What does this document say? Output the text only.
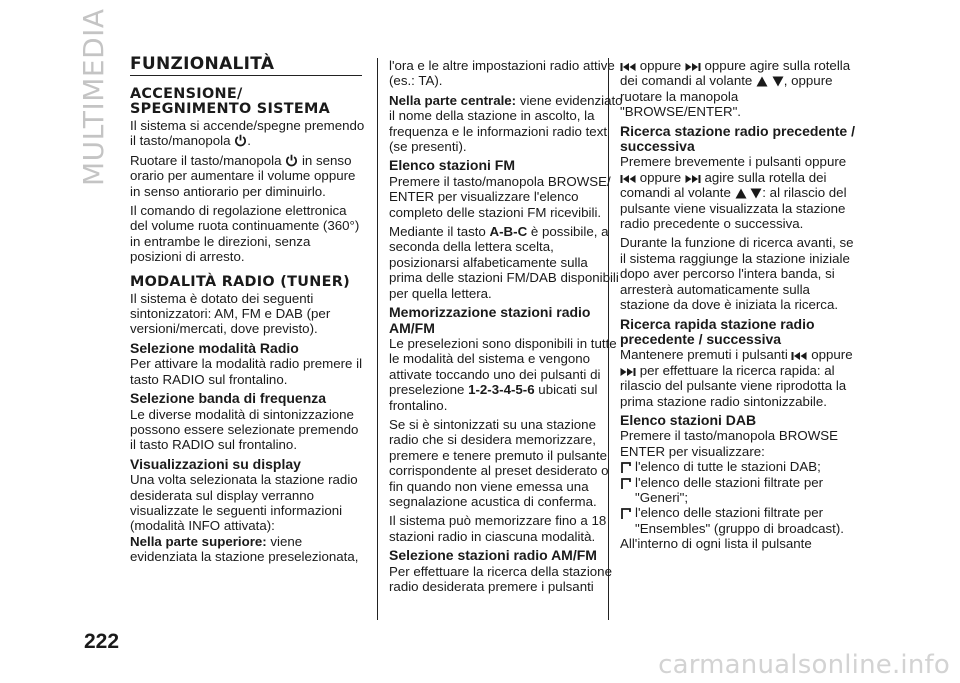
MULTIMEDIA
222
carmanualsonline.info
FUNZIONALITÀ
ACCENSIONE/ SPEGNIMENTO SISTEMA

Il sistema si accende/spegne premendo il tasto/manopola .

Ruotare il tasto/manopola in senso orario per aumentare il volume oppure in senso antiorario per diminuirlo.

Il comando di regolazione elettronica del volume ruota continuamente (360°) in entrambe le direzioni, senza posizioni di arresto.

MODALITÀ RADIO (TUNER)

Il sistema è dotato dei seguenti sintonizzatori: AM, FM e DAB (per versioni/mercati, dove previsto).

Selezione modalità Radio

Per attivare la modalità radio premere il tasto RADIO sul frontalino.

Selezione banda di frequenza

Le diverse modalità di sintonizzazione possono essere selezionate premendo il tasto RADIO sul frontalino.

Visualizzazioni su display

Una volta selezionata la stazione radio desiderata sul display verranno visualizzate le seguenti informazioni (modalità INFO attivata):

Nella parte superiore: viene evidenziata la stazione preselezionata,

l'ora e le altre impostazioni radio attive (es.: TA).

Nella parte centrale: viene evidenziato il nome della stazione in ascolto, la frequenza e le informazioni radio text (se presenti).

Elenco stazioni FM

Premere il tasto/manopola BROWSE/ ENTER per visualizzare l'elenco completo delle stazioni FM ricevibili.

Mediante il tasto A-B-C è possibile, a seconda della lettera scelta, posizionarsi alfabeticamente sulla prima delle stazioni FM/DAB disponibili per quella lettera.

Memorizzazione stazioni radio AM/FM

Le preselezioni sono disponibili in tutte le modalità del sistema e vengono attivate toccando uno dei pulsanti di preselezione 1-2-3-4-5-6 ubicati sul frontalino.

Se si è sintonizzati su una stazione radio che si desidera memorizzare, premere e tenere premuto il pulsante corrispondente al preset desiderato o fin quando non viene emessa una segnalazione acustica di conferma.

Il sistema può memorizzare fino a 18 stazioni radio in ciascuna modalità.

Selezione stazioni radio AM/FM

Per effettuare la ricerca della stazione radio desiderata premere i pulsanti

oppure oppure agire sulla rotella dei comandi al volante , oppure ruotare la manopola "BROWSE/ENTER".

Ricerca stazione radio precedente / successiva

Premere brevemente i pulsanti oppure  oppure agire sulla rotella dei comandi al volante : al rilascio del pulsante viene visualizzata la stazione radio precedente o successiva.

Durante la funzione di ricerca avanti, se il sistema raggiunge la stazione iniziale dopo aver percorso l'intera banda, si arresterà automaticamente sulla stazione da dove è iniziata la ricerca.

Ricerca rapida stazione radio precedente / successiva

Mantenere premuti i pulsanti oppure  per effettuare la ricerca rapida: al rilascio del pulsante viene riprodotta la prima stazione radio sintonizzabile.

Elenco stazioni DAB

Premere il tasto/manopola BROWSE ENTER per visualizzare:

l'elenco di tutte le stazioni DAB;
l'elenco delle stazioni filtrate per "Generi";
l'elenco delle stazioni filtrate per "Ensembles" (gruppo di broadcast).

All'interno di ogni lista il pulsante
